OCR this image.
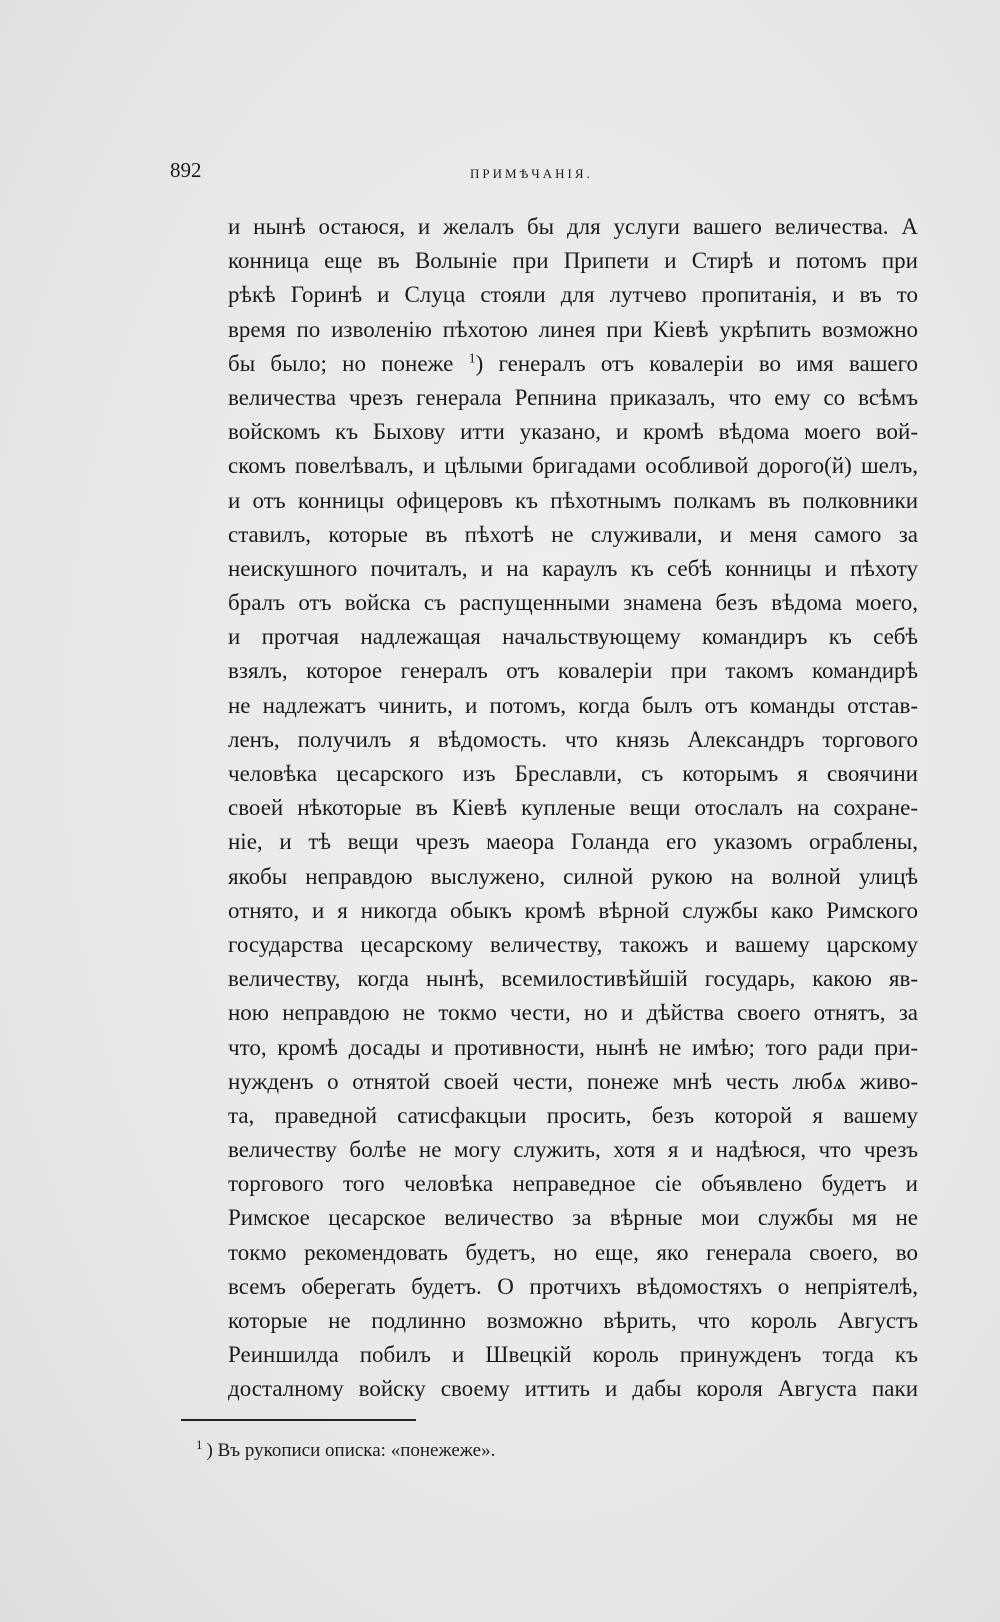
892	ПРИМѢЧАНІЯ.
и нынѣ остаюся, и желалъ бы для услуги вашего величества. А
конница еще въ Волыніе при Припети и Стирѣ и потомъ при
рѣкѣ Горинѣ и Слуца стояли для лутчево пропитанія, и въ то
время по изволенію пѣхотою линея при Кіевѣ укрѣпить возможно
бы было; но понеже $^1$) генералъ отъ ковалеріи во имя вашего
величества чрезъ генерала Репнина приказалъ, что ему со всѣмъ
войскомъ къ Быхову итти указано, и кромѣ вѣдома моего вой-
скомъ повелѣвалъ, и цѣлыми бригадами особливой дорого(й) шелъ,
и отъ конницы офицеровъ къ пѣхотнымъ полкамъ въ полковники
ставилъ, которые въ пѣхотѣ не служивали, и меня самого за
неискушного почиталъ, и на караулъ къ себѣ конницы и пѣхоту
бралъ отъ войска съ распущенными знамена безъ вѣдома моего,
и протчая надлежащая начальствующему командиръ къ себѣ
взялъ, которое генералъ отъ ковалеріи при такомъ командирѣ
не надлежатъ чинить, и потомъ, когда былъ отъ команды отстав-
ленъ, получилъ я вѣдомость. что князь Александръ торгового
человѣка цесарского изъ Бреславли, съ которымъ я своячини
своей нѣкоторые въ Кіевѣ купленые вещи отослалъ на сохране-
ніе, и тѣ вещи чрезъ маеора Голанда его указомъ ограблены,
якобы неправдою выслужено, силной рукою на волной улицѣ
отнято, и я никогда обыкъ кромѣ вѣрной службы како Римского
государства цесарскому величеству, такожъ и вашему царскому
величеству, когда нынѣ, всемилостивѣйшій государь, какою яв-
ною неправдою не токмо чести, но и дѣйства своего отнятъ, за
что, кромѣ досады и противности, нынѣ не имѣю; того ради при-
нужденъ о отнятой своей чести, понеже мнѣ честь любѧ живо-
та, праведной сатисфакцыи просить, безъ которой я вашему
величеству болѣе не могу служить, хотя я и надѣюся, что чрезъ
торгового того человѣка неправедное сіе объявлено будетъ и
Римское цесарское величество за вѣрные мои службы мя не
токмо рекомендовать будетъ, но еще, яко генерала своего, во
всемъ оберегать будетъ. О протчихъ вѣдомостяхъ о непріятелѣ,
которые не подлинно возможно вѣрить, что король Августъ
Реиншилда побилъ и Швецкій король принужденъ тогда къ
досталному войску своему иттить и дабы короля Августа паки
$^1$ ) Въ рукописи описка: «понежеже».
